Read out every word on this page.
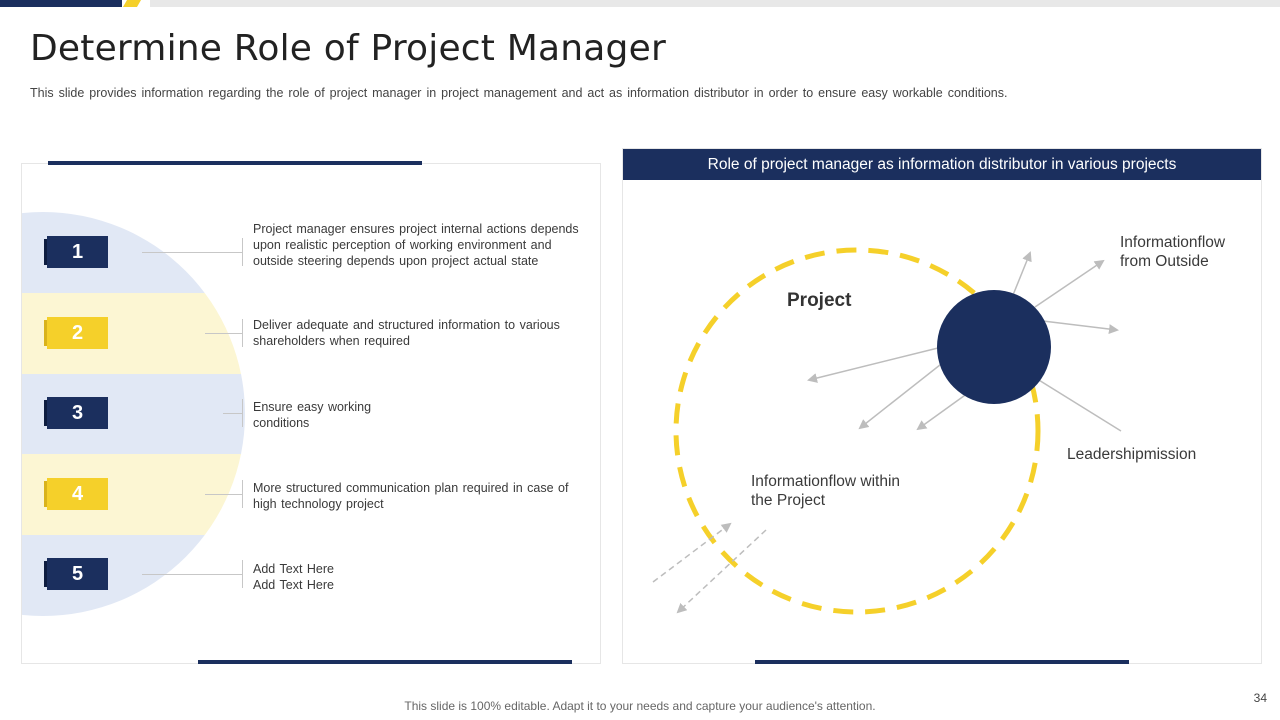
Determine Role of Project Manager
This slide provides information regarding the role of project manager in project management and act as information distributor in order to ensure easy workable conditions.
1
Project manager ensures project internal actions depends upon realistic perception of working environment and outside steering depends upon project actual state
2	Deliver adequate and structured information to various shareholders when required
3	Ensure easy working conditions
4	More structured communication plan required in case of high technology project
5	Add Text Here Add Text Here
Role of project manager as information distributor in various projects
Project
Informationflow from Outside
Leadershipmission
Informationflow within the Project
This slide is 100% editable. Adapt it to your needs and capture your audience's attention.
34
